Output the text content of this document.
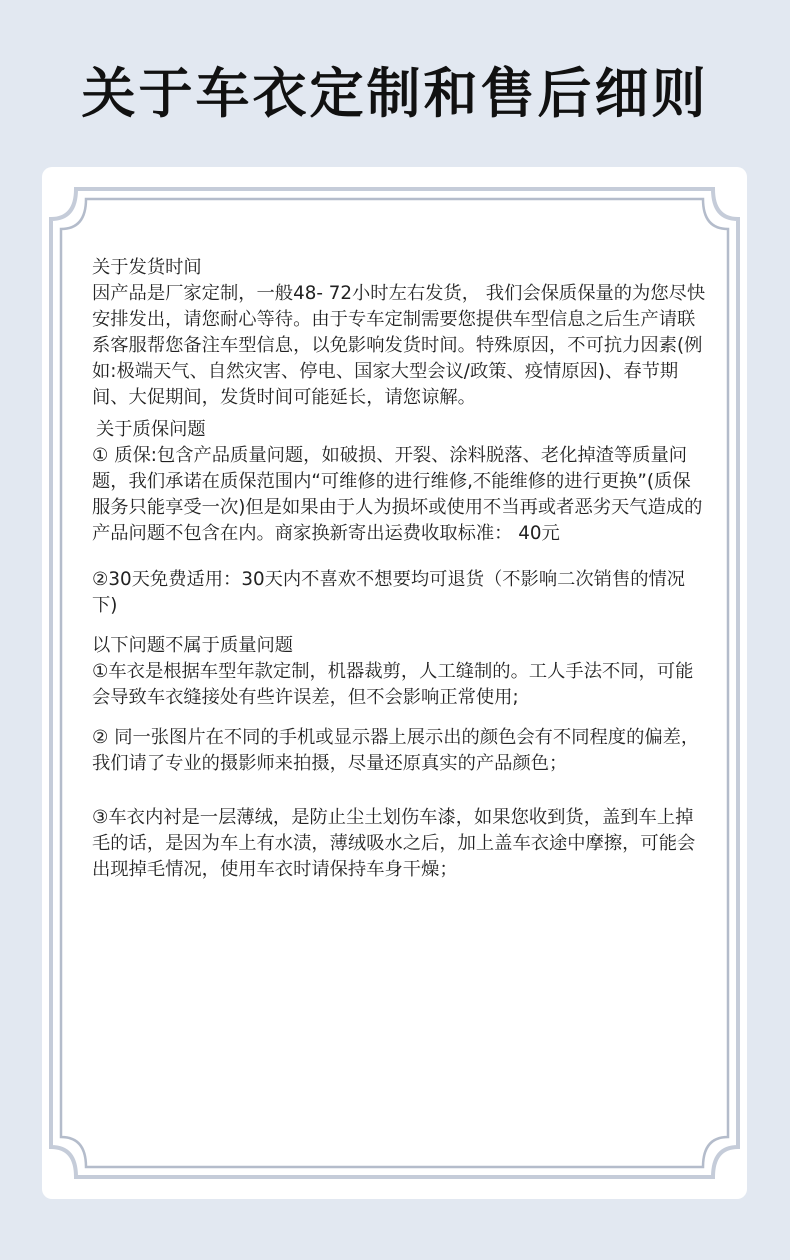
关于车衣定制和售后细则

关于发货时间

因产品是厂家定制，一般48- 72小时左右发货， 我们会保质保量的为您尽快安排发出，请您耐心等待。由于专车定制需要您提供车型信息之后生产请联系客服帮您备注车型信息，以免影响发货时间。特殊原因，不可抗力因素(例如:极端天气、自然灾害、停电、国家大型会议/政策、疫情原因)、春节期间、大促期间，发货时间可能延长，请您谅解。

关于质保问题

① 质保:包含产品质量问题，如破损、开裂、涂料脱落、老化掉渣等质量问题，我们承诺在质保范围内“可维修的进行维修,不能维修的进行更换”(质保服务只能享受一次)但是如果由于人为损坏或使用不当再或者恶劣天气造成的产品问题不包含在内。商家换新寄出运费收取标准： 40元

②30天免费适用：30天内不喜欢不想要均可退货（不影响二次销售的情况下)

以下问题不属于质量问题

①车衣是根据车型年款定制，机器裁剪，人工缝制的。工人手法不同，可能会导致车衣缝接处有些许误差，但不会影响正常使用;

② 同一张图片在不同的手机或显示器上展示出的颜色会有不同程度的偏差，我们请了专业的摄影师来拍摄，尽量还原真实的产品颜色；

③车衣内衬是一层薄绒，是防止尘土划伤车漆，如果您收到货，盖到车上掉毛的话，是因为车上有水渍，薄绒吸水之后，加上盖车衣途中摩擦，可能会出现掉毛情况，使用车衣时请保持车身干燥；
